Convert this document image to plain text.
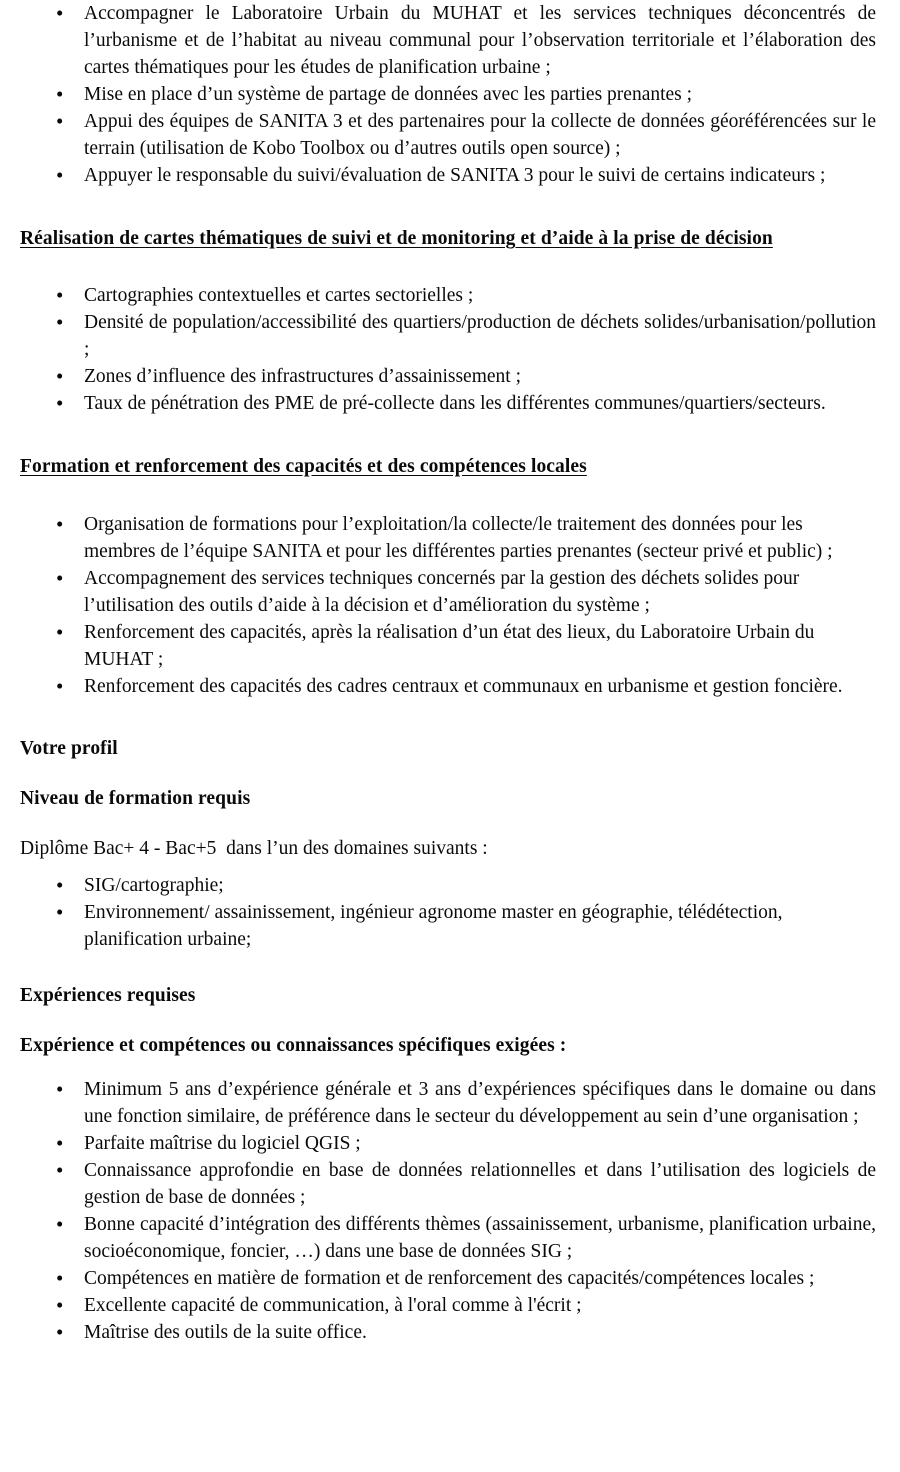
• Accompagner le Laboratoire Urbain du MUHAT et les services techniques déconcentrés de l’urbanisme et de l’habitat au niveau communal pour l’observation territoriale et l’élaboration des cartes thématiques pour les études de planification urbaine ;
• Mise en place d’un système de partage de données avec les parties prenantes ;
• Appui des équipes de SANITA 3 et des partenaires pour la collecte de données géoréférencées sur le terrain (utilisation de Kobo Toolbox ou d’autres outils open source) ;
• Appuyer le responsable du suivi/évaluation de SANITA 3 pour le suivi de certains indicateurs ;
Réalisation de cartes thématiques de suivi et de monitoring et d’aide à la prise de décision
• Cartographies contextuelles et cartes sectorielles ;
• Densité de population/accessibilité des quartiers/production de déchets solides/urbanisation/pollution ;
• Zones d’influence des infrastructures d’assainissement ;
• Taux de pénétration des PME de pré-collecte dans les différentes communes/quartiers/secteurs.
Formation et renforcement des capacités et des compétences locales
• Organisation de formations pour l’exploitation/la collecte/le traitement des données pour les membres de l’équipe SANITA et pour les différentes parties prenantes (secteur privé et public) ;
• Accompagnement des services techniques concernés par la gestion des déchets solides pour l’utilisation des outils d’aide à la décision et d’amélioration du système ;
• Renforcement des capacités, après la réalisation d’un état des lieux, du Laboratoire Urbain du MUHAT ;
• Renforcement des capacités des cadres centraux et communaux en urbanisme et gestion foncière.
Votre profil
Niveau de formation requis
Diplôme Bac+ 4 - Bac+5  dans l’un des domaines suivants :
• SIG/cartographie;
• Environnement/ assainissement, ingénieur agronome master en géographie, télédétection, planification urbaine;
Expériences requises
Expérience et compétences ou connaissances spécifiques exigées :
• Minimum 5 ans d’expérience générale et 3 ans d’expériences spécifiques dans le domaine ou dans une fonction similaire, de préférence dans le secteur du développement au sein d’une organisation ;
• Parfaite maîtrise du logiciel QGIS ;
• Connaissance approfondie en base de données relationnelles et dans l’utilisation des logiciels de gestion de base de données ;
• Bonne capacité d’intégration des différents thèmes (assainissement, urbanisme, planification urbaine, socioéconomique, foncier, …) dans une base de données SIG ;
• Compétences en matière de formation et de renforcement des capacités/compétences locales ;
• Excellente capacité de communication, à l'oral comme à l'écrit ;
• Maîtrise des outils de la suite office.
